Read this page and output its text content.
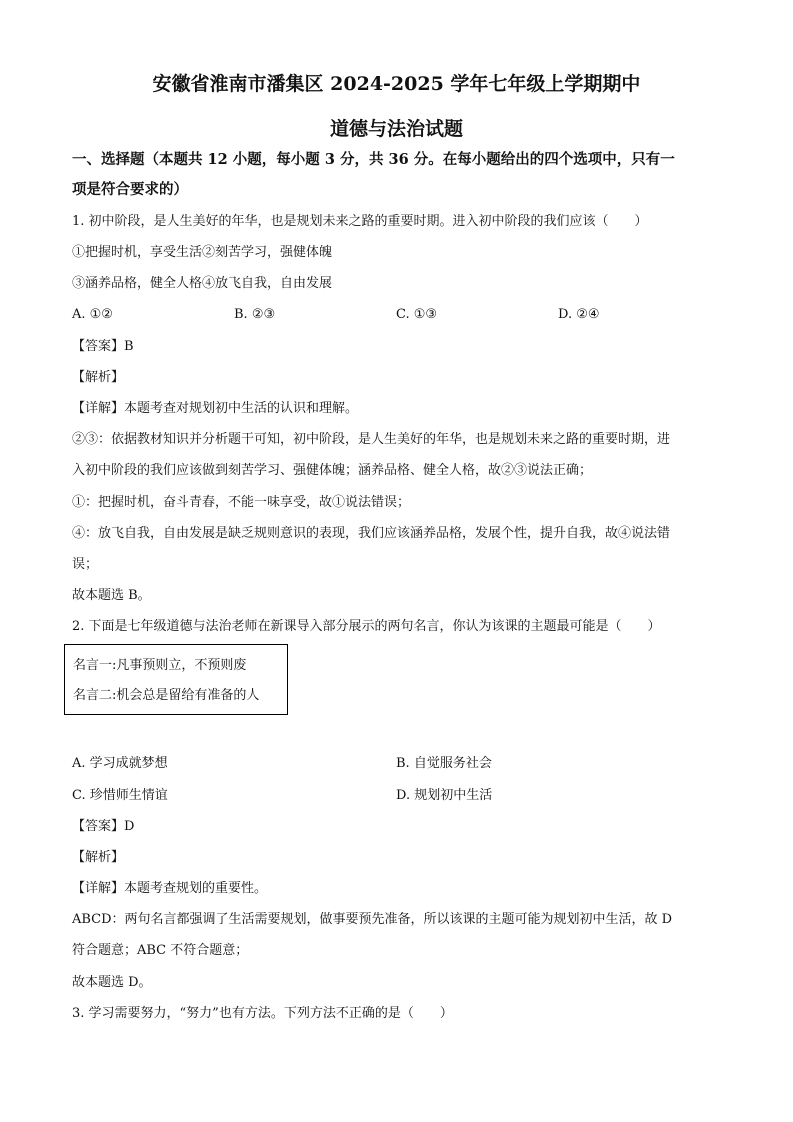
安徽省淮南市潘集区 2024-2025 学年七年级上学期期中
道德与法治试题
一、选择题（本题共 12 小题，每小题 3 分，共 36 分。在每小题给出的四个选项中，只有一
项是符合要求的）
1. 初中阶段，是人生美好的年华，也是规划未来之路的重要时期。进入初中阶段的我们应该（　　）
①把握时机，享受生活②刻苦学习，强健体魄
③涵养品格，健全人格④放飞自我，自由发展
A. ①②	B. ②③	C. ①③	D. ②④
【答案】B
【解析】
【详解】本题考查对规划初中生活的认识和理解。
②③：依据教材知识并分析题干可知，初中阶段，是人生美好的年华，也是规划未来之路的重要时期，进
入初中阶段的我们应该做到刻苦学习、强健体魄；涵养品格、健全人格，故②③说法正确；
①：把握时机，奋斗青春，不能一味享受，故①说法错误；
④：放飞自我，自由发展是缺乏规则意识的表现，我们应该涵养品格，发展个性，提升自我，故④说法错
误；
故本题选 B。
2. 下面是七年级道德与法治老师在新课导入部分展示的两句名言，你认为该课的主题最可能是（　　）
名言一:凡事预则立，不预则废
名言二:机会总是留给有准备的人
A. 学习成就梦想	B. 自觉服务社会
C. 珍惜师生情谊	D. 规划初中生活
【答案】D
【解析】
【详解】本题考查规划的重要性。
ABCD：两句名言都强调了生活需要规划，做事要预先准备，所以该课的主题可能为规划初中生活，故 D
符合题意；ABC 不符合题意；
故本题选 D。
3. 学习需要努力，“努力”也有方法。下列方法不正确的是（　　）
